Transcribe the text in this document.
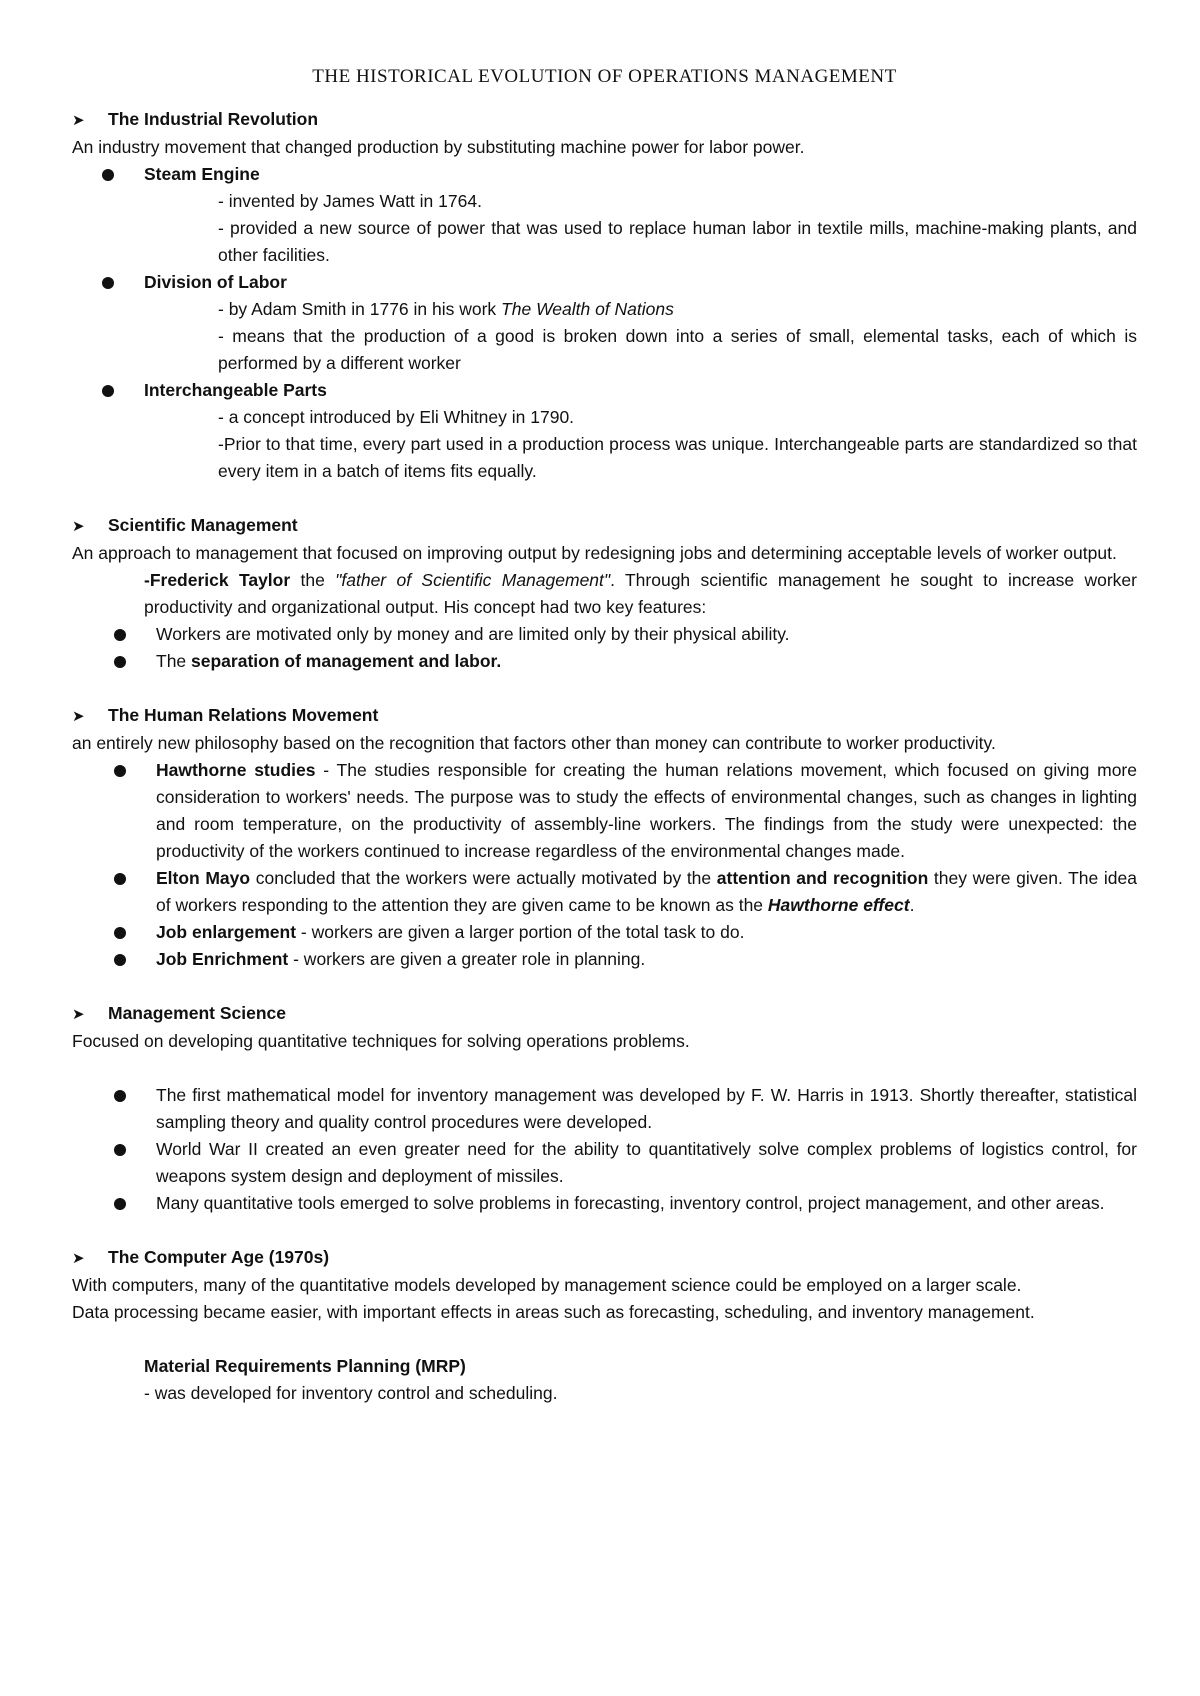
THE HISTORICAL EVOLUTION OF OPERATIONS MANAGEMENT
➤	The Industrial Revolution

An industry movement that changed production by substituting machine power for labor power.

Steam Engine
- invented by James Watt in 1764.
- provided a new source of power that was used to replace human labor in textile mills, machine-making plants, and other facilities.
Division of Labor
- by Adam Smith in 1776 in his work The Wealth of Nations
- means that the production of a good is broken down into a series of small, elemental tasks, each of which is performed by a different worker
Interchangeable Parts
- a concept introduced by Eli Whitney in 1790.
-Prior to that time, every part used in a production process was unique. Interchangeable parts are standardized so that every item in a batch of items fits equally.
➤	Scientific Management

An approach to management that focused on improving output by redesigning jobs and determining acceptable levels of worker output.

-Frederick Taylor the "father of Scientific Management". Through scientific management he sought to increase worker productivity and organizational output. His concept had two key features:
Workers are motivated only by money and are limited only by their physical ability.
The separation of management and labor.
➤	The Human Relations Movement

an entirely new philosophy based on the recognition that factors other than money can contribute to worker productivity.

Hawthorne studies - The studies responsible for creating the human relations movement, which focused on giving more consideration to workers' needs. The purpose was to study the effects of environmental changes, such as changes in lighting and room temperature, on the productivity of assembly-line workers. The findings from the study were unexpected: the productivity of the workers continued to increase regardless of the environmental changes made.
Elton Mayo concluded that the workers were actually motivated by the attention and recognition they were given. The idea of workers responding to the attention they are given came to be known as the Hawthorne effect.
Job enlargement - workers are given a larger portion of the total task to do.
Job Enrichment - workers are given a greater role in planning.
➤	Management Science

Focused on developing quantitative techniques for solving operations problems.

The first mathematical model for inventory management was developed by F. W. Harris in 1913. Shortly thereafter, statistical sampling theory and quality control procedures were developed.
World War II created an even greater need for the ability to quantitatively solve complex problems of logistics control, for weapons system design and deployment of missiles.
Many quantitative tools emerged to solve problems in forecasting, inventory control, project management, and other areas.
➤	The Computer Age (1970s)

With computers, many of the quantitative models developed by management science could be employed on a larger scale.

Data processing became easier, with important effects in areas such as forecasting, scheduling, and inventory management.

Material Requirements Planning (MRP)
- was developed for inventory control and scheduling.
